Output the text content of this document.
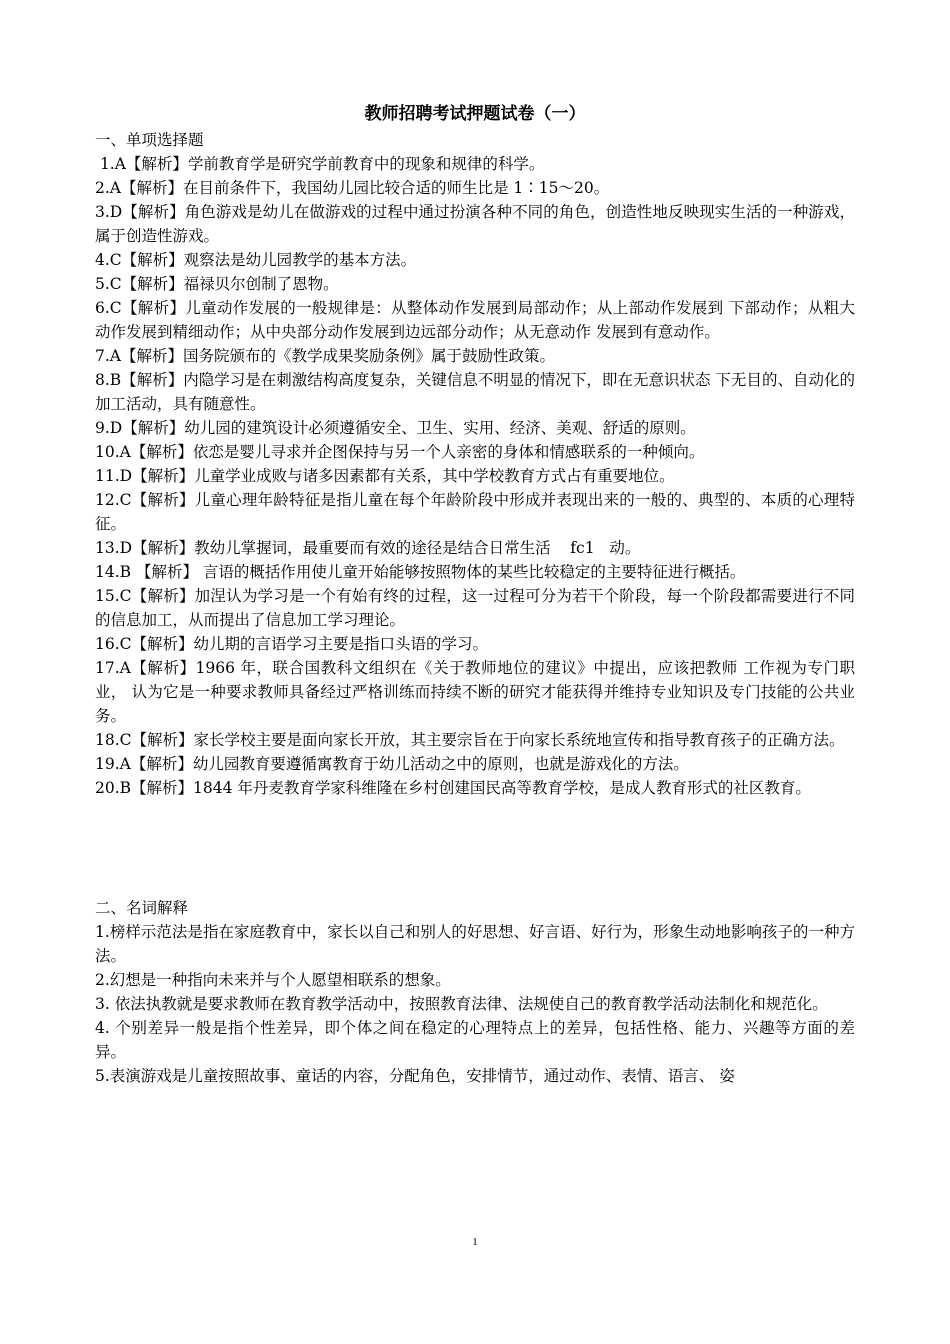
教师招聘考试押题试卷（一）

一、单项选择题

1.A【解析】学前教育学是研究学前教育中的现象和规律的科学。

2.A【解析】在目前条件下，我国幼儿园比较合适的师生比是 1∶15～20。

3.D【解析】角色游戏是幼儿在做游戏的过程中通过扮演各种不同的角色，创造性地反映现实生活的一种游戏，属于创造性游戏。

4.C【解析】观察法是幼儿园教学的基本方法。

5.C【解析】福禄贝尔创制了恩物。

6.C【解析】儿童动作发展的一般规律是：从整体动作发展到局部动作；从上部动作发展到 下部动作；从粗大动作发展到精细动作；从中央部分动作发展到边远部分动作；从无意动作 发展到有意动作。

7.A【解析】国务院颁布的《教学成果奖励条例》属于鼓励性政策。

8.B【解析】内隐学习是在刺激结构高度复杂，关键信息不明显的情况下，即在无意识状态 下无目的、自动化的加工活动，具有随意性。

9.D【解析】幼儿园的建筑设计必须遵循安全、卫生、实用、经济、美观、舒适的原则。

10.A【解析】依恋是婴儿寻求并企图保持与另一个人亲密的身体和情感联系的一种倾向。

11.D【解析】儿童学业成败与诸多因素都有关系，其中学校教育方式占有重要地位。

12.C【解析】儿童心理年龄特征是指儿童在每个年龄阶段中形成并表现出来的一般的、典型的、本质的心理特征。

13.D【解析】教幼儿掌握词，最重要而有效的途径是结合日常生活    fc1   动。

14.B 【解析】 言语的概括作用使儿童开始能够按照物体的某些比较稳定的主要特征进行概括。

15.C【解析】加涅认为学习是一个有始有终的过程，这一过程可分为若干个阶段，每一个阶段都需要进行不同的信息加工，从而提出了信息加工学习理论。

16.C【解析】幼儿期的言语学习主要是指口头语的学习。

17.A【解析】1966 年，联合国教科文组织在《关于教师地位的建议》中提出，应该把教师 工作视为专门职业， 认为它是一种要求教师具备经过严格训练而持续不断的研究才能获得并维持专业知识及专门技能的公共业务。

18.C【解析】家长学校主要是面向家长开放，其主要宗旨在于向家长系统地宣传和指导教育孩子的正确方法。

19.A【解析】幼儿园教育要遵循寓教育于幼儿活动之中的原则，也就是游戏化的方法。

20.B【解析】1844 年丹麦教育学家科维隆在乡村创建国民高等教育学校，是成人教育形式的社区教育。

二、名词解释

1.榜样示范法是指在家庭教育中，家长以自己和别人的好思想、好言语、好行为，形象生动地影响孩子的一种方法。

2.幻想是一种指向未来并与个人愿望相联系的想象。

3. 依法执教就是要求教师在教育教学活动中，按照教育法律、法规使自己的教育教学活动法制化和规范化。

4. 个别差异一般是指个性差异，即个体之间在稳定的心理特点上的差异，包括性格、能力、兴趣等方面的差异。

5.表演游戏是儿童按照故事、童话的内容，分配角色，安排情节，通过动作、表情、语言、 姿

1
